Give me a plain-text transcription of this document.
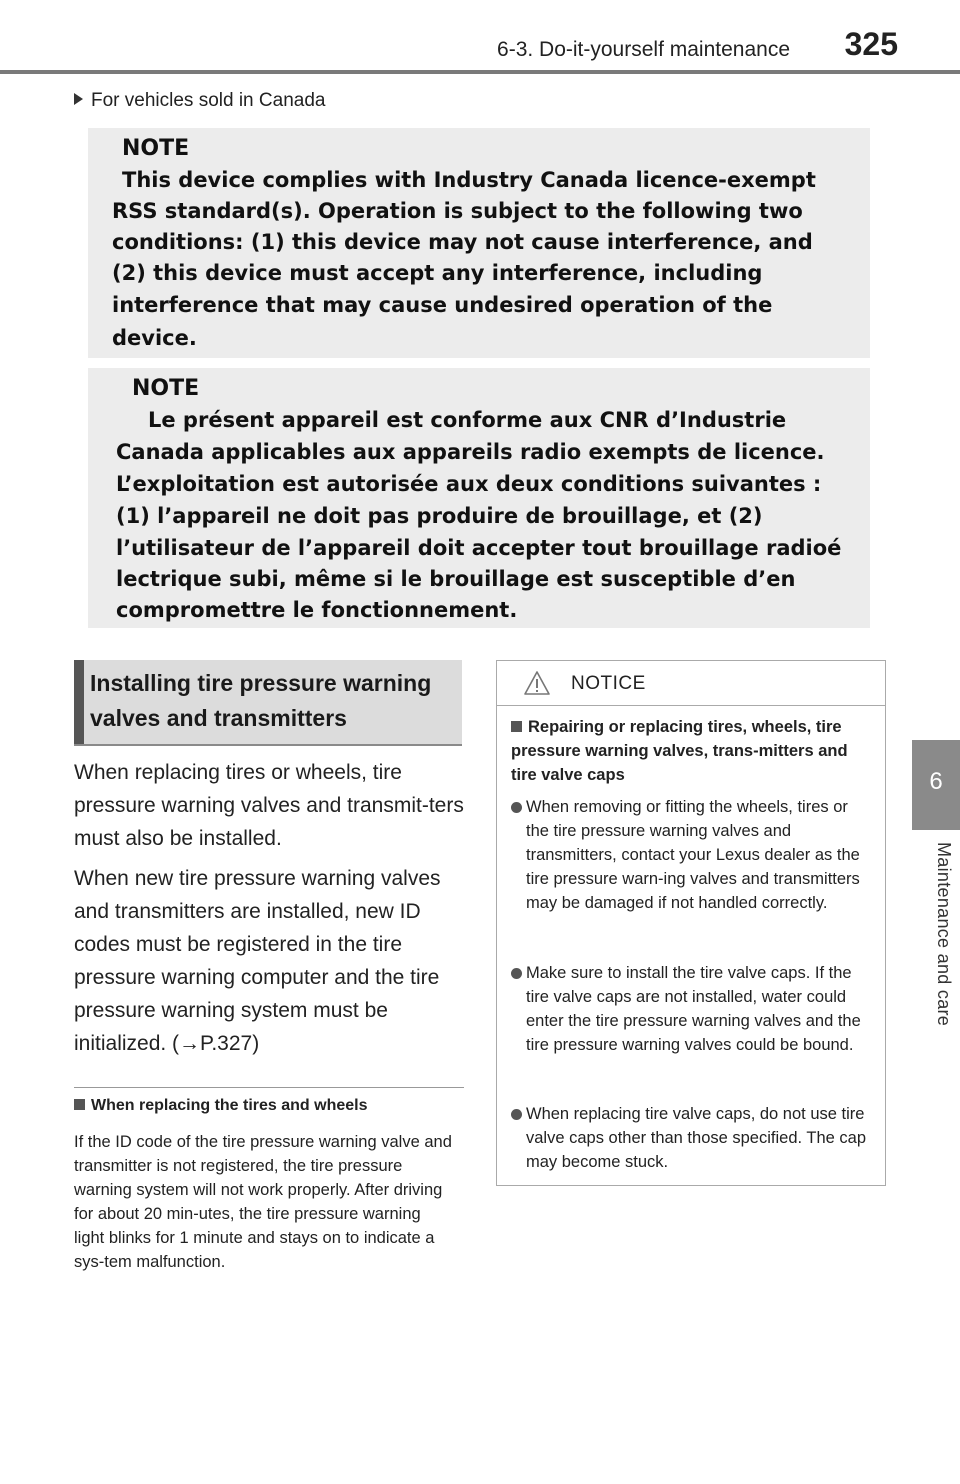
6-3. Do-it-yourself maintenance 325
6
Maintenance and care
For vehicles sold in Canada
NOTE
This device complies with Industry Canada licence-exempt
RSS standard(s). Operation is subject to the following two
conditions: (1) this device may not cause interference, and
(2) this device must accept any interference, including
interference that may cause undesired operation of the
device.
NOTE
Le présent appareil est conforme aux CNR d’Industrie
Canada applicables aux appareils radio exempts de licence.
L’exploitation est autorisée aux deux conditions suivantes :
(1) l’appareil ne doit pas produire de brouillage, et (2)
l’utilisateur de l’appareil doit accepter tout brouillage radioé
lectrique subi, même si le brouillage est susceptible d’en
compromettre le fonctionnement.
Installing tire pressure warning valves and transmitters
When replacing tires or wheels, tire pressure warning valves and transmit-ters must also be installed.
When new tire pressure warning valves and transmitters are installed, new ID codes must be registered in the tire pressure warning computer and the tire pressure warning system must be initialized. (→P.327)
When replacing the tires and wheels
If the ID code of the tire pressure warning valve and transmitter is not registered, the tire pressure warning system will not work properly. After driving for about 20 min-utes, the tire pressure warning light blinks for 1 minute and stays on to indicate a sys-tem malfunction.
NOTICE
Repairing or replacing tires, wheels, tire pressure warning valves, trans-mitters and tire valve caps
When removing or fitting the wheels, tires or the tire pressure warning valves and transmitters, contact your Lexus dealer as the tire pressure warn-ing valves and transmitters may be damaged if not handled correctly.
Make sure to install the tire valve caps. If the tire valve caps are not installed, water could enter the tire pressure warning valves and the tire pressure warning valves could be bound.
When replacing tire valve caps, do not use tire valve caps other than those specified. The cap may become stuck.
